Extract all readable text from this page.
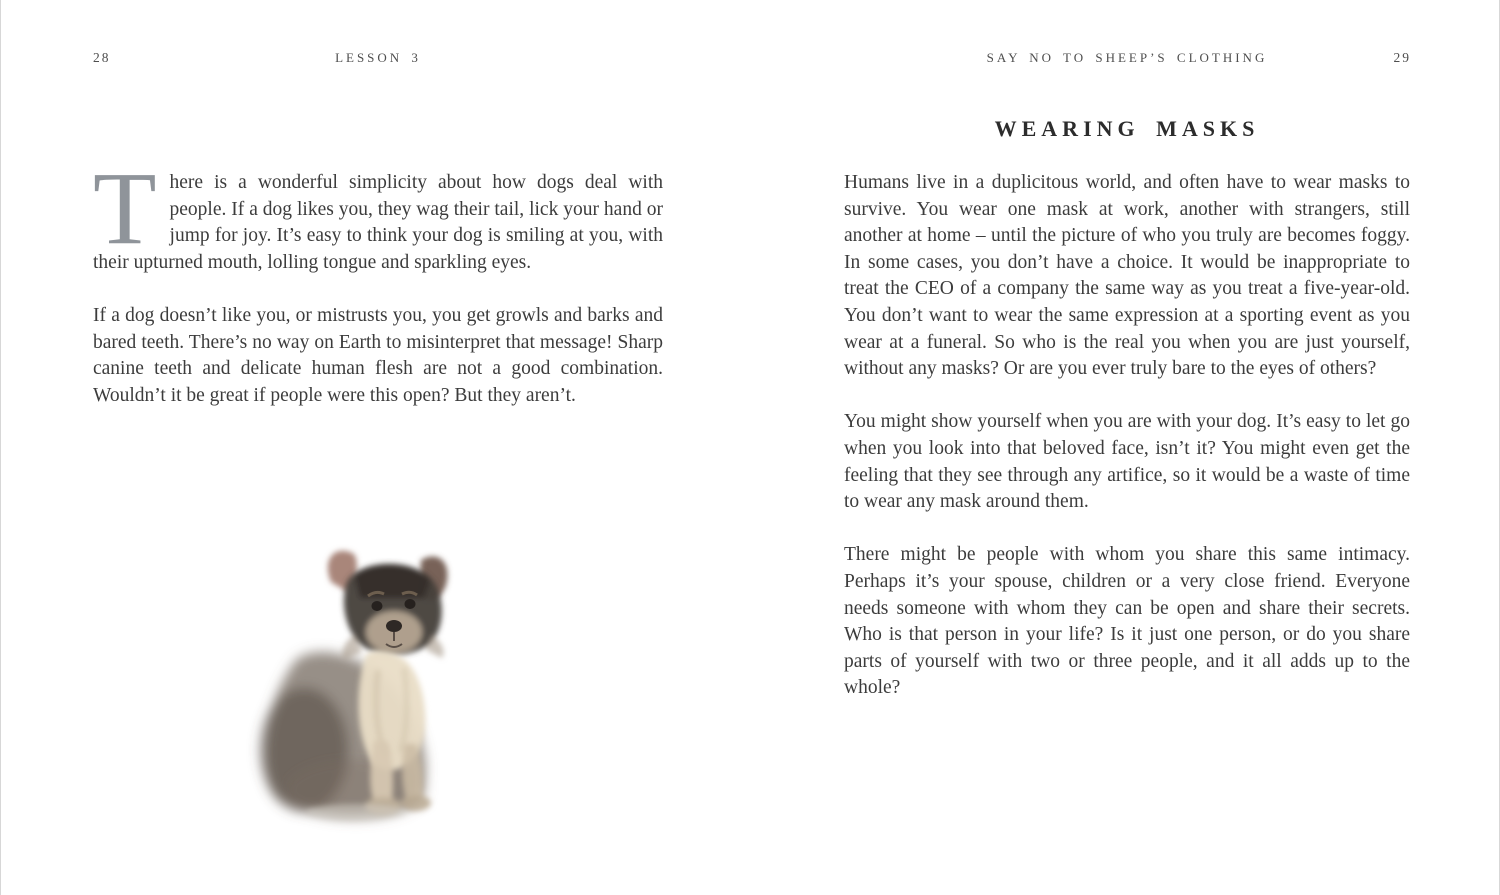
28	LESSON 3

There is a wonderful simplicity about how dogs deal with people. If a dog likes you, they wag their tail, lick your hand or jump for joy. It’s easy to think your dog is smiling at you, with their upturned mouth, lolling tongue and sparkling eyes.

If a dog doesn’t like you, or mistrusts you, you get growls and barks and bared teeth. There’s no way on Earth to misinterpret that message! Sharp canine teeth and delicate human flesh are not a good combination. Wouldn’t it be great if people were this open? But they aren’t.

SAY NO TO SHEEP’S CLOTHING	29
WEARING MASKS

Humans live in a duplicitous world, and often have to wear masks to survive. You wear one mask at work, another with strangers, still another at home – until the picture of who you truly are becomes foggy. In some cases, you don’t have a choice. It would be inappropriate to treat the CEO of a company the same way as you treat a five-year-old. You don’t want to wear the same expression at a sporting event as you wear at a funeral. So who is the real you when you are just yourself, without any masks? Or are you ever truly bare to the eyes of others?

You might show yourself when you are with your dog. It’s easy to let go when you look into that beloved face, isn’t it? You might even get the feeling that they see through any artifice, so it would be a waste of time to wear any mask around them.

There might be people with whom you share this same intimacy. Perhaps it’s your spouse, children or a very close friend. Everyone needs someone with whom they can be open and share their secrets. Who is that person in your life? Is it just one person, or do you share parts of yourself with two or three people, and it all adds up to the whole?
